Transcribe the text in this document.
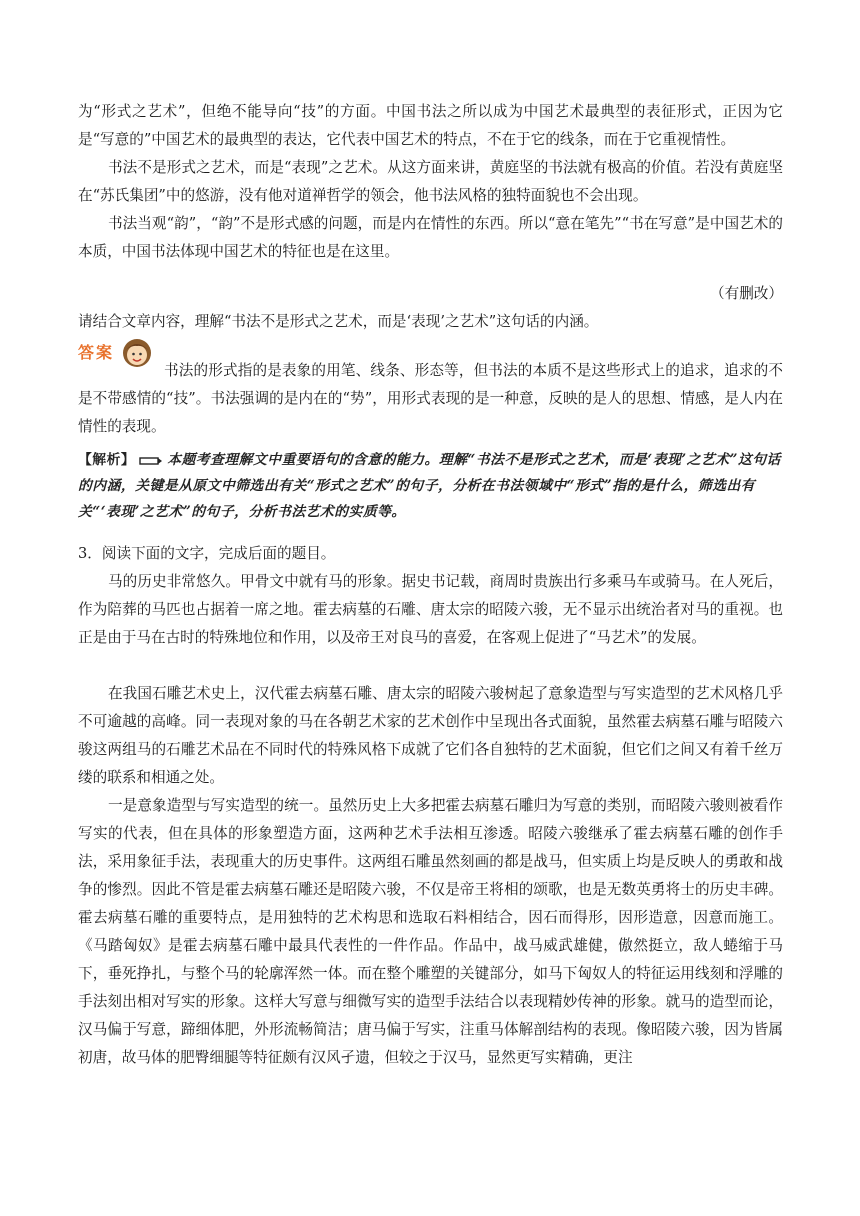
为“形式之艺术”，但绝不能导向“技”的方面。中国书法之所以成为中国艺术最典型的表征形式，正因为它是“写意的”中国艺术的最典型的表达，它代表中国艺术的特点，不在于它的线条，而在于它重视情性。

书法不是形式之艺术，而是“表现”之艺术。从这方面来讲，黄庭坚的书法就有极高的价值。若没有黄庭坚在“苏氏集团”中的悠游，没有他对道禅哲学的领会，他书法风格的独特面貌也不会出现。

书法当观“韵”，“韵”不是形式感的问题，而是内在情性的东西。所以“意在笔先”“书在写意”是中国艺术的本质，中国书法体现中国艺术的特征也是在这里。

（有删改）

请结合文章内容，理解“书法不是形式之艺术，而是‘表现’之艺术”这句话的内涵。

答案

书法的形式指的是表象的用笔、线条、形态等，但书法的本质不是这些形式上的追求，追求的不是不带感情的“技”。书法强调的是内在的“势”，用形式表现的是一种意，反映的是人的思想、情感，是人内在情性的表现。

【解析】 本题考查理解文中重要语句的含意的能力。理解“书法不是形式之艺术，而是‘表现’之艺术”这句话的内涵，关键是从原文中筛选出有关“形式之艺术”的句子，分析在书法领域中“形式”指的是什么，筛选出有关“‘表现’之艺术”的句子，分析书法艺术的实质等。

3．阅读下面的文字，完成后面的题目。

马的历史非常悠久。甲骨文中就有马的形象。据史书记载，商周时贵族出行多乘马车或骑马。在人死后，作为陪葬的马匹也占据着一席之地。霍去病墓的石雕、唐太宗的昭陵六骏，无不显示出统治者对马的重视。也正是由于马在古时的特殊地位和作用，以及帝王对良马的喜爱，在客观上促进了“马艺术”的发展。

在我国石雕艺术史上，汉代霍去病墓石雕、唐太宗的昭陵六骏树起了意象造型与写实造型的艺术风格几乎不可逾越的高峰。同一表现对象的马在各朝艺术家的艺术创作中呈现出各式面貌，虽然霍去病墓石雕与昭陵六骏这两组马的石雕艺术品在不同时代的特殊风格下成就了它们各自独特的艺术面貌，但它们之间又有着千丝万缕的联系和相通之处。

一是意象造型与写实造型的统一。虽然历史上大多把霍去病墓石雕归为写意的类别，而昭陵六骏则被看作写实的代表，但在具体的形象塑造方面，这两种艺术手法相互渗透。昭陵六骏继承了霍去病墓石雕的创作手法，采用象征手法，表现重大的历史事件。这两组石雕虽然刻画的都是战马，但实质上均是反映人的勇敢和战争的惨烈。因此不管是霍去病墓石雕还是昭陵六骏，不仅是帝王将相的颂歌，也是无数英勇将士的历史丰碑。霍去病墓石雕的重要特点，是用独特的艺术构思和选取石料相结合，因石而得形，因形造意，因意而施工。《马踏匈奴》是霍去病墓石雕中最具代表性的一件作品。作品中，战马威武雄健，傲然挺立，敌人蜷缩于马下，垂死挣扎，与整个马的轮廓浑然一体。而在整个雕塑的关键部分，如马下匈奴人的特征运用线刻和浮雕的手法刻出相对写实的形象。这样大写意与细微写实的造型手法结合以表现精妙传神的形象。就马的造型而论，汉马偏于写意，蹄细体肥，外形流畅简洁；唐马偏于写实，注重马体解剖结构的表现。像昭陵六骏，因为皆属初唐，故马体的肥臀细腿等特征颇有汉风孑遗，但较之于汉马，显然更写实精确，更注
